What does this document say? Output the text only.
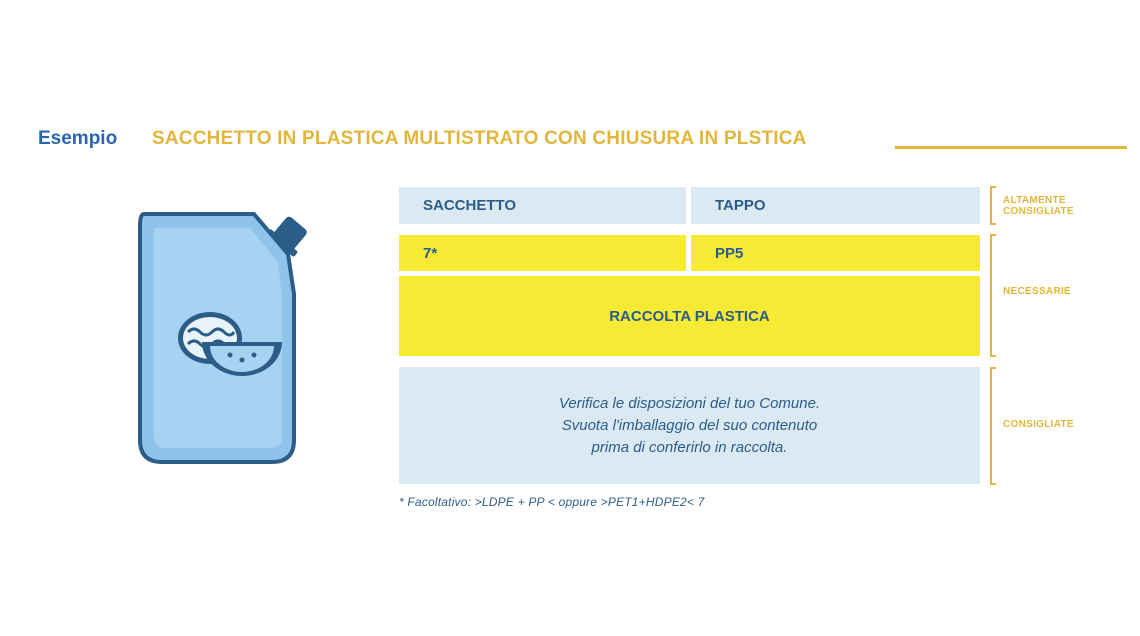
Esempio SACCHETTO IN PLASTICA MULTISTRATO CON CHIUSURA IN PLSTICA
SACCHETTO	TAPPO
7*	PP5
RACCOLTA PLASTICA
Verifica le disposizioni del tuo Comune.
Svuota l'imballaggio del suo contenuto
prima di conferirlo in raccolta.
ALTAMENTE
CONSIGLIATE
NECESSARIE
CONSIGLIATE
* Facoltativo: >LDPE + PP < oppure >PET1+HDPE2< 7
